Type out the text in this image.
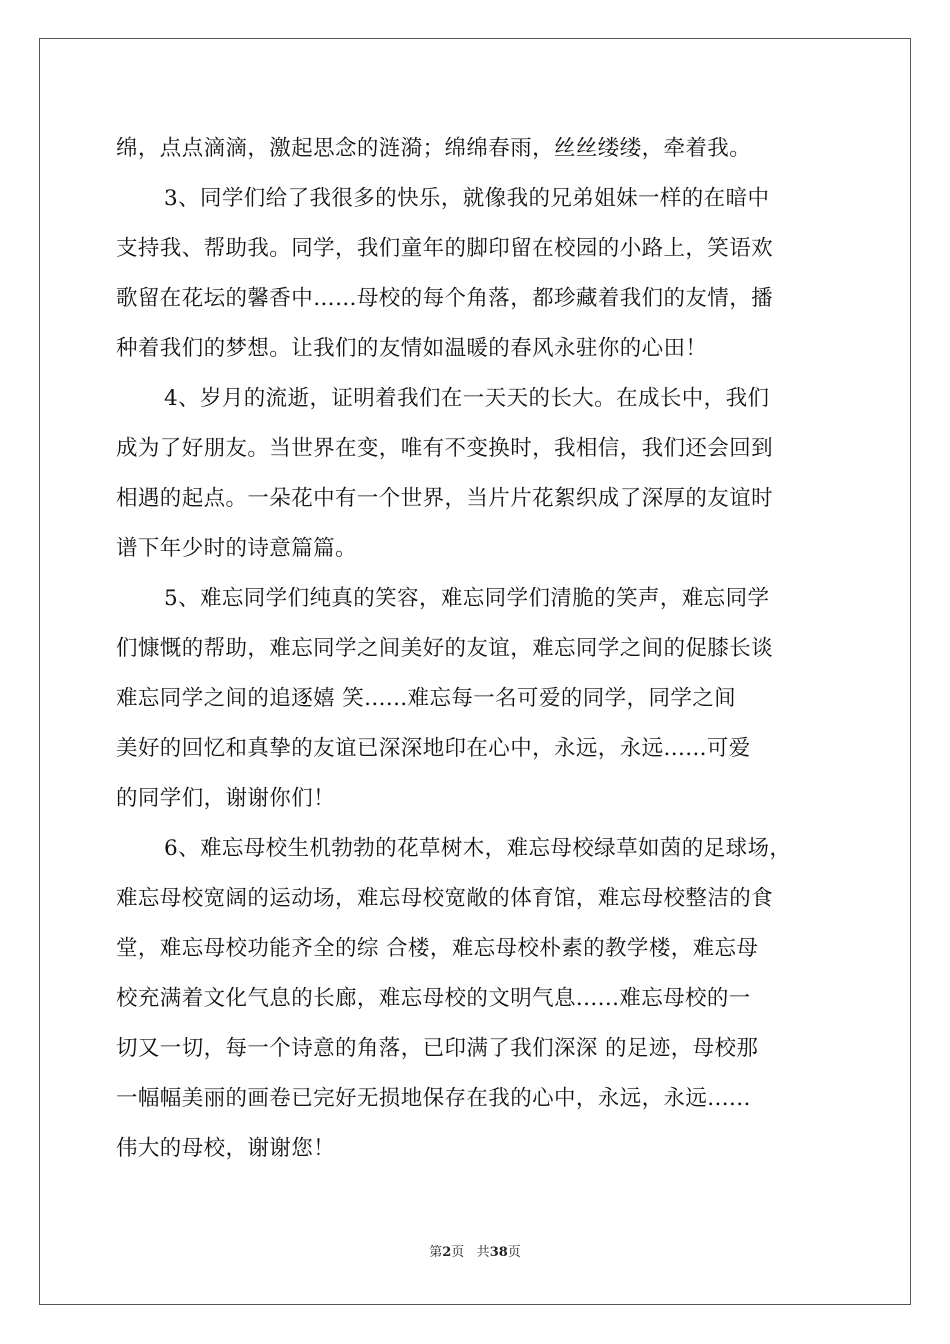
绵，点点滴滴，激起思念的涟漪；绵绵春雨，丝丝缕缕，牵着我。
3、同学们给了我很多的快乐，就像我的兄弟姐妹一样的在暗中
支持我、帮助我。同学，我们童年的脚印留在校园的小路上，笑语欢
歌留在花坛的馨香中……母校的每个角落，都珍藏着我们的友情，播
种着我们的梦想。让我们的友情如温暖的春风永驻你的心田！
4、岁月的流逝，证明着我们在一天天的长大。在成长中，我们
成为了好朋友。当世界在变，唯有不变换时，我相信，我们还会回到
相遇的起点。一朵花中有一个世界，当片片花絮织成了深厚的友谊时
谱下年少时的诗意篇篇。
5、难忘同学们纯真的笑容，难忘同学们清脆的笑声，难忘同学
们慷慨的帮助，难忘同学之间美好的友谊，难忘同学之间的促膝长谈
难忘同学之间的追逐嬉 笑......难忘每一名可爱的同学，同学之间
美好的回忆和真挚的友谊已深深地印在心中，永远，永远......可爱
的同学们，谢谢你们！
6、难忘母校生机勃勃的花草树木，难忘母校绿草如茵的足球场，
难忘母校宽阔的运动场，难忘母校宽敞的体育馆，难忘母校整洁的食
堂，难忘母校功能齐全的综 合楼，难忘母校朴素的教学楼，难忘母
校充满着文化气息的长廊，难忘母校的文明气息......难忘母校的一
切又一切，每一个诗意的角落，已印满了我们深深 的足迹，母校那
一幅幅美丽的画卷已完好无损地保存在我的心中，永远，永远......
伟大的母校，谢谢您！
第2页 共38页
